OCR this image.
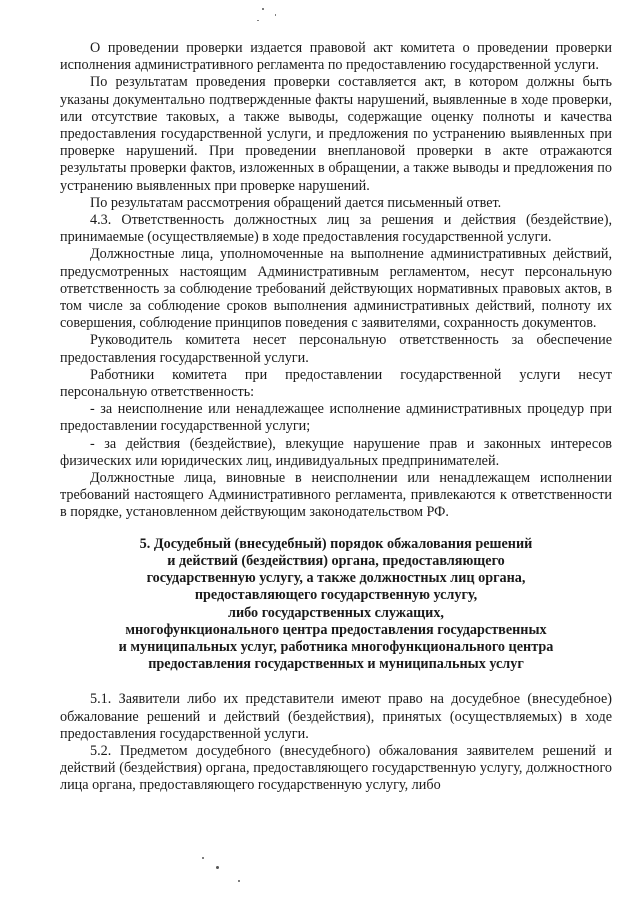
О проведении проверки издается правовой акт комитета о проведении проверки исполнения административного регламента по предоставлению государственной услуги.

По результатам проведения проверки составляется акт, в котором должны быть указаны документально подтвержденные факты нарушений, выявленные в ходе проверки, или отсутствие таковых, а также выводы, содержащие оценку полноты и качества предоставления государственной услуги, и предложения по устранению выявленных при проверке нарушений. При проведении внеплановой проверки в акте отражаются результаты проверки фактов, изложенных в обращении, а также выводы и предложения по устранению выявленных при проверке нарушений.

По результатам рассмотрения обращений дается письменный ответ.

4.3. Ответственность должностных лиц за решения и действия (бездействие), принимаемые (осуществляемые) в ходе предоставления государственной услуги.

Должностные лица, уполномоченные на выполнение административных действий, предусмотренных настоящим Административным регламентом, несут персональную ответственность за соблюдение требований действующих нормативных правовых актов, в том числе за соблюдение сроков выполнения административных действий, полноту их совершения, соблюдение принципов поведения с заявителями, сохранность документов.

Руководитель комитета несет персональную ответственность за обеспечение предоставления государственной услуги.

Работники комитета при предоставлении государственной услуги несут персональную ответственность:

- за неисполнение или ненадлежащее исполнение административных процедур при предоставлении государственной услуги;

- за действия (бездействие), влекущие нарушение прав и законных интересов физических или юридических лиц, индивидуальных предпринимателей.

Должностные лица, виновные в неисполнении или ненадлежащем исполнении требований настоящего Административного регламента, привлекаются к ответственности в порядке, установленном действующим законодательством РФ.

5. Досудебный (внесудебный) порядок обжалования решений
и действий (бездействия) органа, предоставляющего
государственную услугу, а также должностных лиц органа,
предоставляющего государственную услугу,
либо государственных служащих,
многофункционального центра предоставления государственных
и муниципальных услуг, работника многофункционального центра
предоставления государственных и муниципальных услуг

5.1. Заявители либо их представители имеют право на досудебное (внесудебное) обжалование решений и действий (бездействия), принятых (осуществляемых) в ходе предоставления государственной услуги.

5.2. Предметом досудебного (внесудебного) обжалования заявителем решений и действий (бездействия) органа, предоставляющего государственную услугу, должностного лица органа, предоставляющего государственную услугу, либо
